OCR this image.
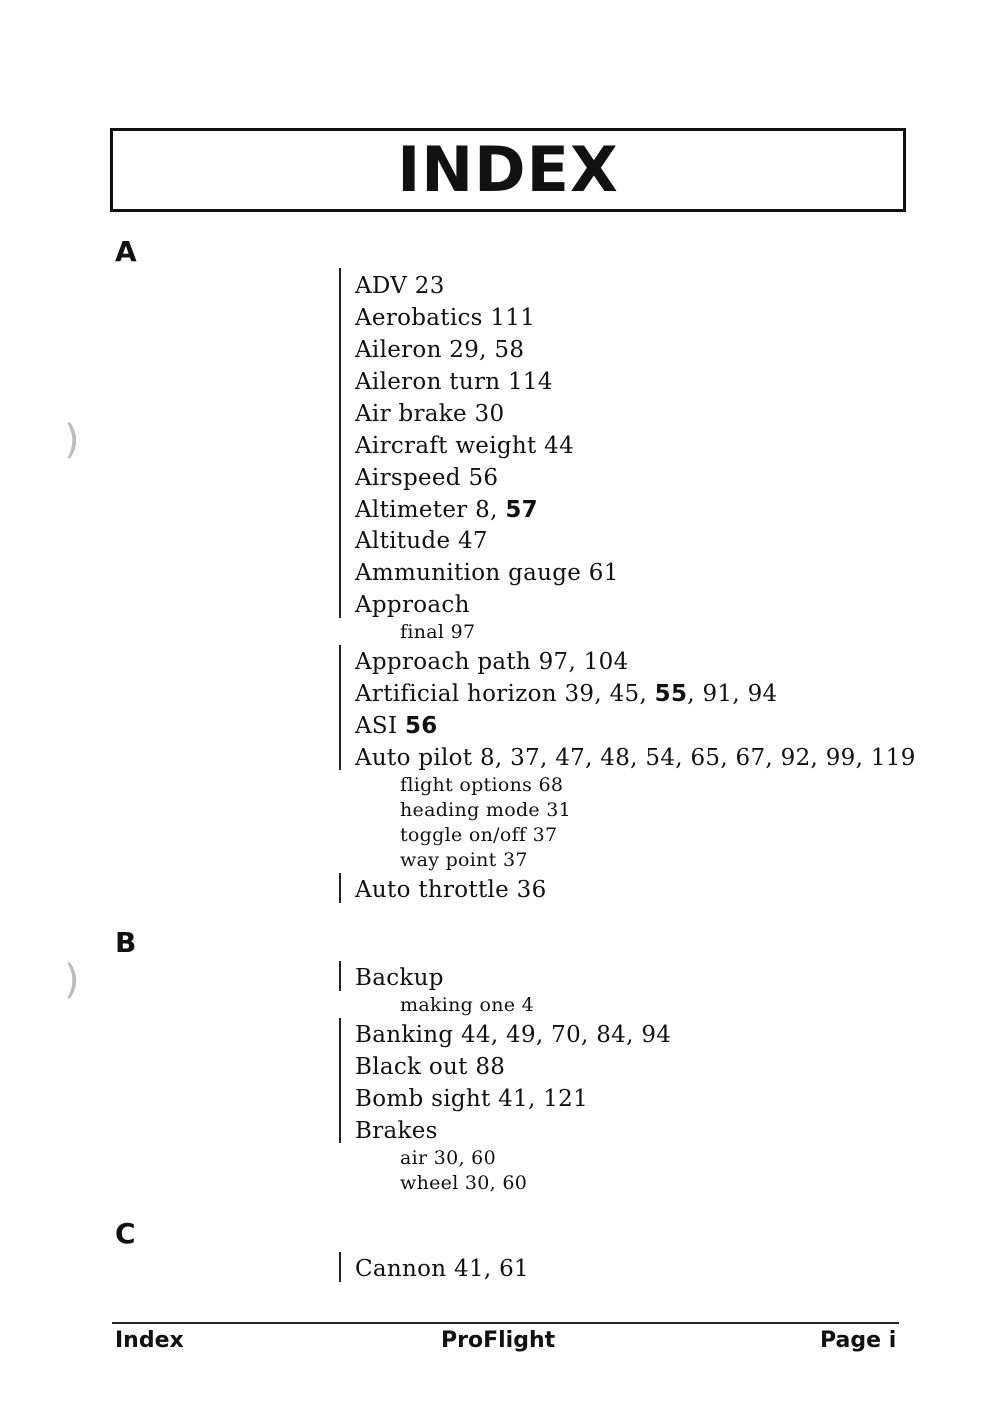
INDEX
)
)
A
ADV 23
Aerobatics 111
Aileron 29, 58
Aileron turn 114
Air brake 30
Aircraft weight 44
Airspeed 56
Altimeter 8, 57
Altitude 47
Ammunition gauge 61
Approach
final 97
Approach path 97, 104
Artificial horizon 39, 45, 55, 91, 94
ASI 56
Auto pilot 8, 37, 47, 48, 54, 65, 67, 92, 99, 119
flight options 68
heading mode 31
toggle on/off 37
way point 37
Auto throttle 36
B
Backup
making one 4
Banking 44, 49, 70, 84, 94
Black out 88
Bomb sight 41, 121
Brakes
air 30, 60
wheel 30, 60
C
Cannon 41, 61
Index	ProFlight	Page i
